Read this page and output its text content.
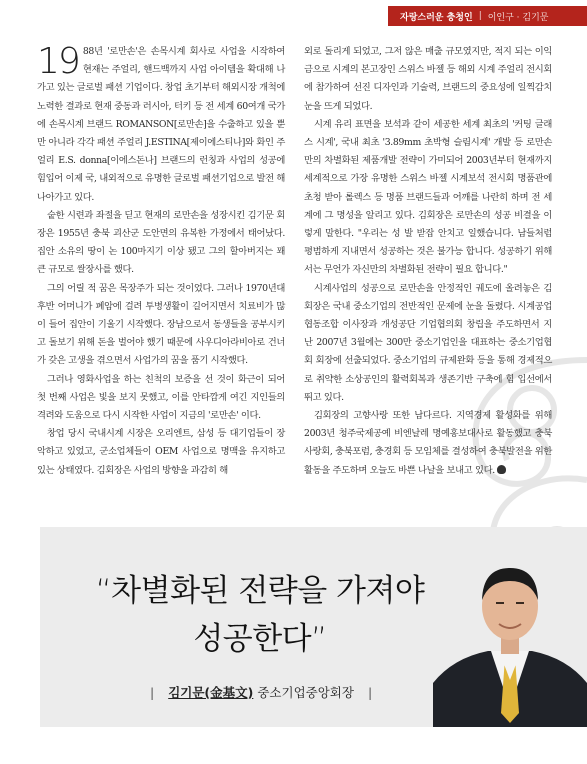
자랑스러운 충청인 | 이인구 · 김기문

19 88년 '로만손'은 손목시계 회사로 사업을 시작하여 현재는 주얼리, 핸드백까지 사업 아이템을 확대해 나가고 있는 글로벌 패션 기업이다. 창업 초기부터 해외시장 개척에 노력한 결과로 현재 중동과 러시아, 터키 등 전 세계 60여개 국가에 손목시계 브랜드 ROMANSON[로만손]을 수출하고 있을 뿐만 아니라 각각 패션 주얼리 J.ESTINA[제이에스티나]와 화인 주얼리 E.S. donna[이에스돈나] 브랜드의 런칭과 사업의 성공에 힘입어 이제 국, 내외적으로 유명한 글로벌 패션기업으로 발전 해 나아가고 있다.

숱한 시련과 좌절을 딛고 현재의 로만손을 성장시킨 김기문 회장은 1955년 충북 괴산군 도안면의 유복한 가정에서 태어났다. 집안 소유의 땅이 논 100마지기 이상 됐고 그의 할아버지는 꽤 큰 규모로 쌀장사를 했다.

그의 어릴 적 꿈은 목장주가 되는 것이었다. 그러나 1970년대 후반 어머니가 폐암에 걸려 투병생활이 길어지면서 치료비가 많이 들어 집안이 기울기 시작했다. 장남으로서 동생들을 공부시키고 돌보기 위해 돈을 벌어야 했기 때문에 사우디아라비아로 건너가 갖은 고생을 겪으면서 사업가의 꿈을 품기 시작했다.

그러나 영화사업을 하는 친척의 보증을 선 것이 화근이 되어 첫 번째 사업은 빛을 보지 못했고, 이를 안타깝게 여긴 지인들의 격려와 도움으로 다시 시작한 사업이 지금의 '로만손' 이다.

창업 당시 국내시계 시장은 오리엔트, 삼성 등 대기업들이 장악하고 있었고, 군소업체들이 OEM 사업으로 명맥을 유지하고 있는 상태였다. 김회장은 사업의 방향을 과감히 해

외로 돌리게 되었고, 그저 않은 매출 규모였지만, 적지 되는 이익금으로 시계의 본고장인 스위스 바젤 등 해외 시계 주얼리 전시회에 참가하여 선진 디자인과 기술력, 브랜드의 중요성에 일찍감치 눈을 뜨게 되었다.

시계 유리 표면을 보석과 같이 세공한 세계 최초의 '커팅 글래스 시계', 국내 최초 '3.89mm 초박형 슬림시계' 개발 등 로만손만의 차별화된 제품개발 전략이 가미되어 2003년부터 현재까지 세계적으로 가장 유명한 스위스 바젤 시계보석 전시회 명품관에 초청 받아 롤렉스 등 명품 브랜드들과 어깨를 나란히 하며 전 세계에 그 명성을 알리고 있다. 김회장은 로만손의 성공 비결을 이렇게 말한다. "우리는 성 발 받잡 안치고 일했습니다. 남들처럼 평범하게 지내면서 성공하는 것은 불가능 합니다. 성공하기 위해서는 무언가 자신만의 차별화된 전략이 필요 합니다."

시계사업의 성공으로 로만손을 안정적인 궤도에 올려놓은 김회장은 국내 중소기업의 전반적인 문제에 눈을 돌렸다. 시계공업 협동조합 이사장과 개성공단 기업협의회 창립을 주도하면서 지난 2007년 3월에는 300만 중소기업인을 대표하는 중소기업협회 회장에 선출되었다. 중소기업의 규제완화 등을 통해 경제적으로 취약한 소상공인의 활력회복과 생존기반 구축에 힘 입선에서 뛰고 있다.

김회장의 고향사랑 또한 남다르다. 지역경제 활성화를 위해 2003년 청주국제공예 비엔날레 명예홍보대사로 활동했고 충북사랑회, 충북포럼, 충경회 등 모임체를 결성하여 충북발전을 위한 활동을 주도하며 오늘도 바쁜 나날을 보내고 있다.

“차별화된 전략을 가져야
성공한다”
| 김기문(金基文) 중소기업중앙회장 |
